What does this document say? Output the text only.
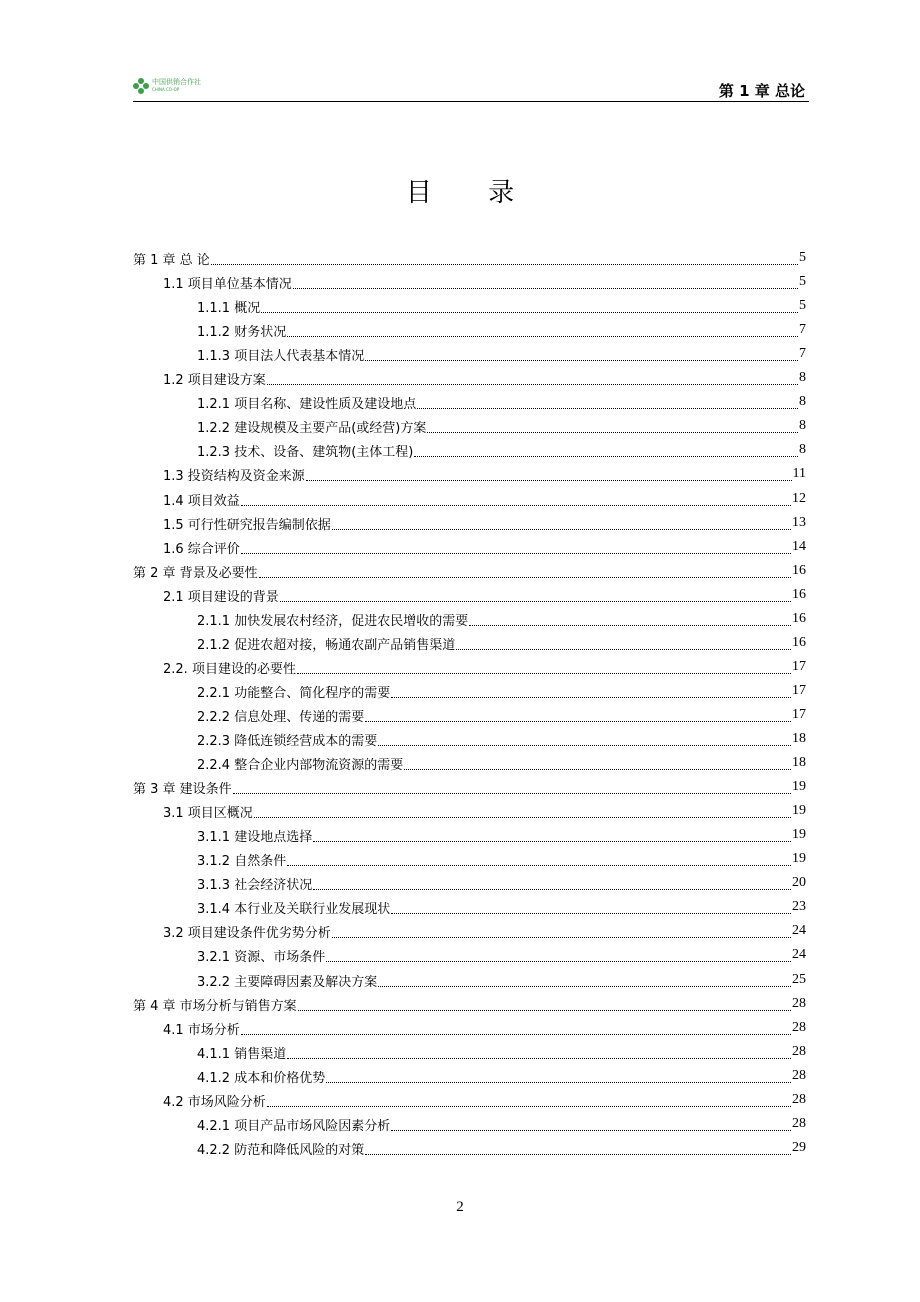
中国供销合作社
CHINA CO-OP	第 1 章 总论
目 录
第 1 章 总 论	5
1.1 项目单位基本情况	5
1.1.1 概况	5
1.1.2 财务状况	7
1.1.3 项目法人代表基本情况	7
1.2 项目建设方案	8
1.2.1 项目名称、建设性质及建设地点	8
1.2.2 建设规模及主要产品(或经营)方案	8
1.2.3 技术、设备、建筑物(主体工程)	8
1.3 投资结构及资金来源	11
1.4 项目效益	12
1.5 可行性研究报告编制依据	13
1.6 综合评价	14
第 2 章 背景及必要性	16
2.1 项目建设的背景	16
2.1.1 加快发展农村经济，促进农民增收的需要	16
2.1.2 促进农超对接，畅通农副产品销售渠道	16
2.2. 项目建设的必要性	17
2.2.1 功能整合、简化程序的需要	17
2.2.2 信息处理、传递的需要	17
2.2.3 降低连锁经营成本的需要	18
2.2.4 整合企业内部物流资源的需要	18
第 3 章 建设条件	19
3.1 项目区概况	19
3.1.1 建设地点选择	19
3.1.2 自然条件	19
3.1.3 社会经济状况	20
3.1.4 本行业及关联行业发展现状	23
3.2 项目建设条件优劣势分析	24
3.2.1 资源、市场条件	24
3.2.2 主要障碍因素及解决方案	25
第 4 章 市场分析与销售方案	28
4.1 市场分析	28
4.1.1 销售渠道	28
4.1.2 成本和价格优势	28
4.2 市场风险分析	28
4.2.1 项目产品市场风险因素分析	28
4.2.2 防范和降低风险的对策	29
2
